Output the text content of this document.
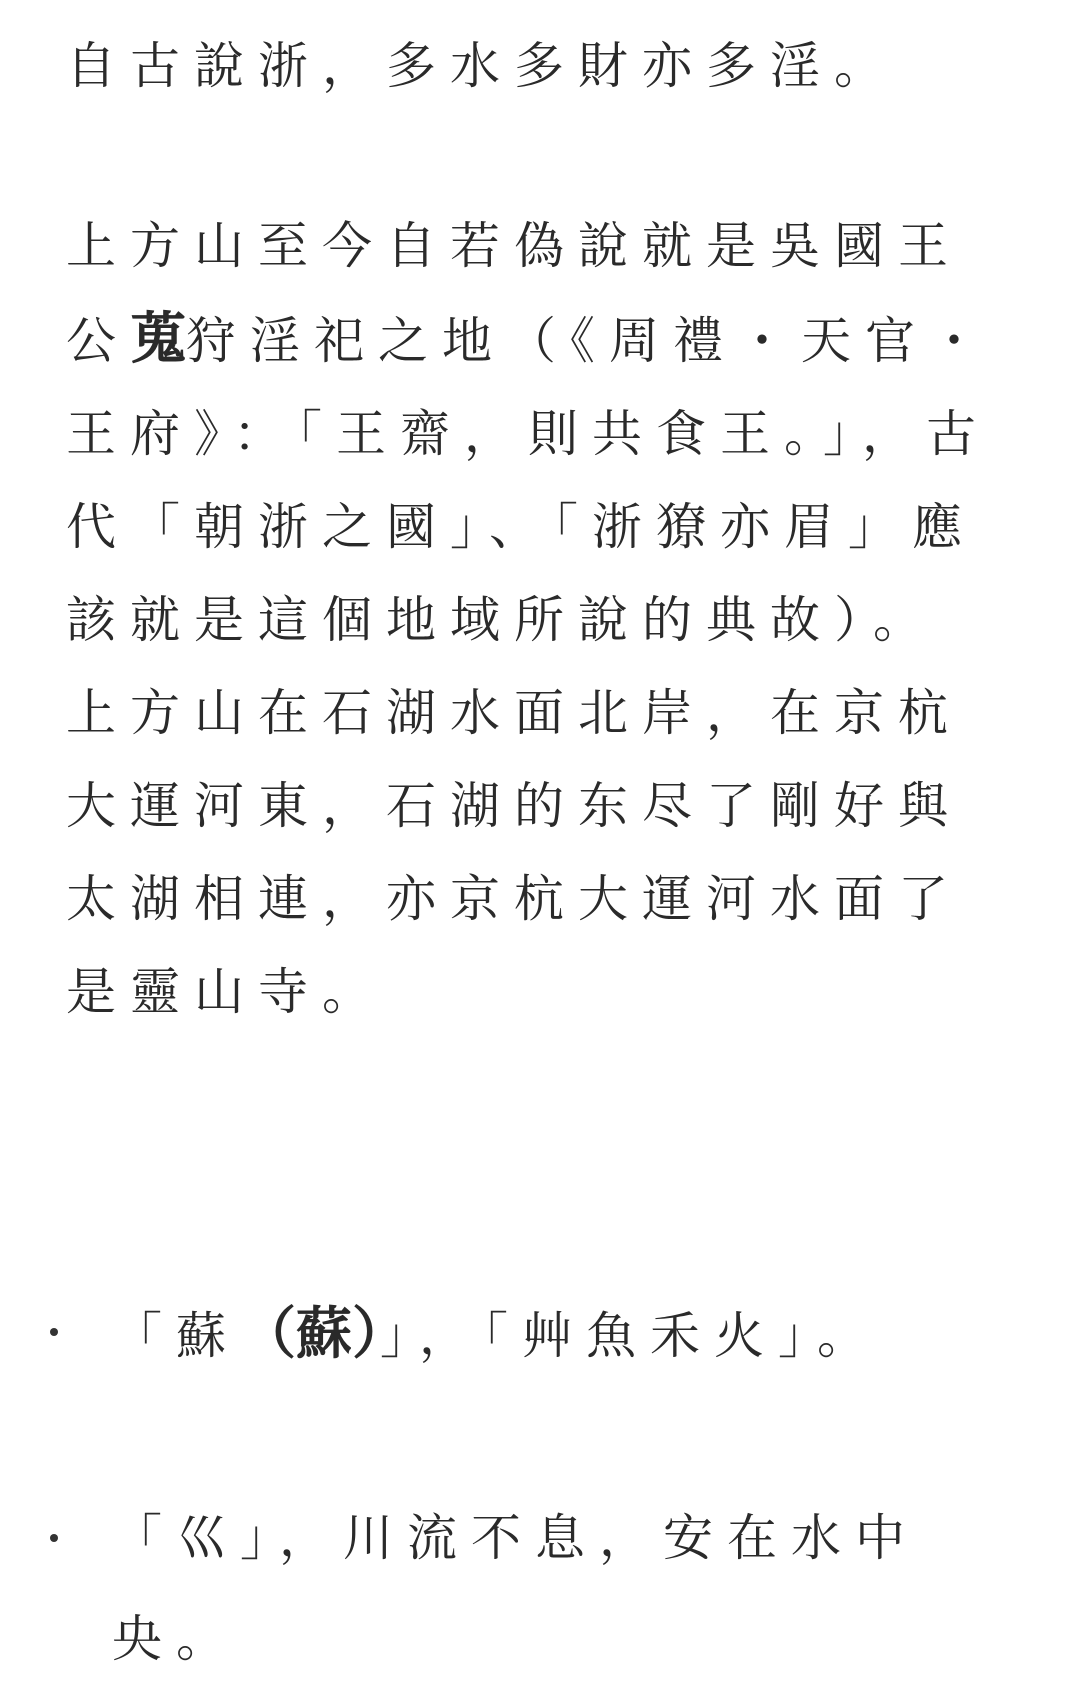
自古說浙，多水多財亦多淫。
上方山至今自若偽說就是吳國王公蒐狩淫祀之地（《周禮・天官・王府》：「王齋，則共食王。」，古代「朝浙之國」、「浙獠亦眉」應該就是這個地域所說的典故）。上方山在石湖水面北岸，在京杭大運河東，石湖的东尽了剛好與太湖相連，亦京杭大運河水面了是靈山寺。
「蘇（蘇）」，「艸魚禾火」。
「巛」，川流不息，安在水中央。
